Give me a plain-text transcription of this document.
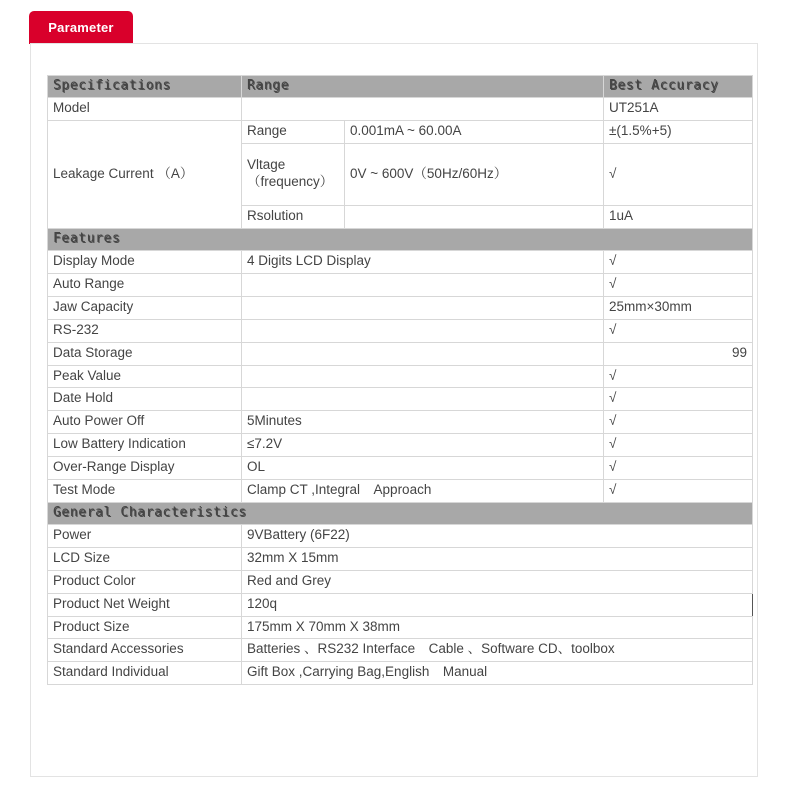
Parameter
Specifications	Range		Best Accuracy
Model			UT251A
Leakage Current （A）	Range	0.001mA ~ 60.00A	±(1.5%+5)
	Vltage（frequency）	0V ~ 600V（50Hz/60Hz）	√
	Rsolution		1uA
Features			
Display Mode	4 Digits LCD Display		√
Auto Range			√
Jaw Capacity			25mm×30mm
RS-232			√
Data Storage			99
Peak Value			√
Date Hold			√
Auto Power Off	5Minutes		√
Low Battery Indication	≤7.2V		√
Over-Range Display	OL		√
Test Mode	Clamp CT ,Integral　Approach		√
General Characteristics			
Power	9VBattery (6F22)		
LCD Size	32mm X 15mm		
Product Color	Red and Grey		
Product Net Weight	120q		
Product Size	175mm X 70mm X 38mm		
Standard Accessories	Batteries 、RS232 Interface　Cable 、Software CD、toolbox		
Standard Individual	Gift Box ,Carrying Bag,English　Manual		
